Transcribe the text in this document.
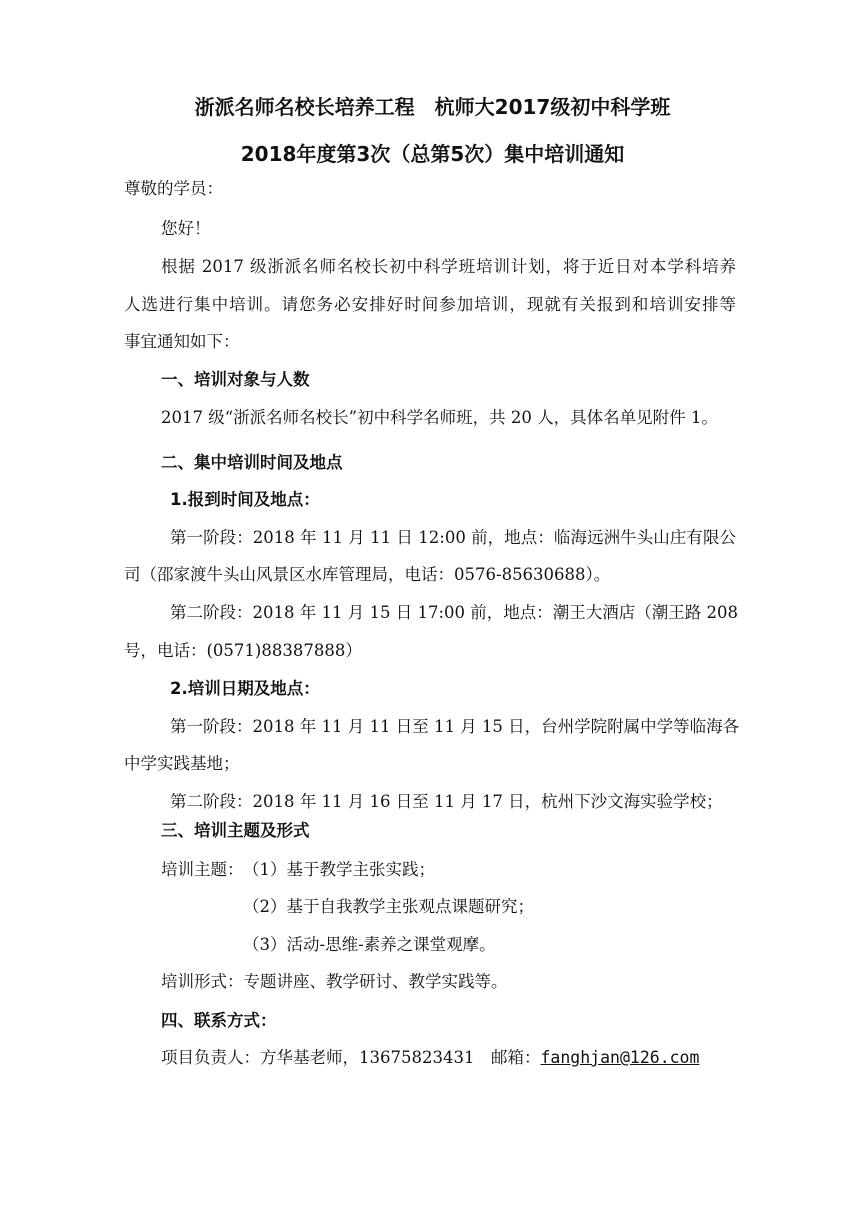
浙派名师名校长培养工程　杭师大2017级初中科学班
2018年度第3次（总第5次）集中培训通知
尊敬的学员：
您好！
根据 2017 级浙派名师名校长初中科学班培训计划，将于近日对本学科培养
人选进行集中培训。请您务必安排好时间参加培训，现就有关报到和培训安排等
事宜通知如下：
一、培训对象与人数
2017 级“浙派名师名校长”初中科学名师班，共 20 人，具体名单见附件 1。
二、集中培训时间及地点
1.报到时间及地点：
第一阶段：2018 年 11 月 11 日 12:00 前，地点：临海远洲牛头山庄有限公
司（邵家渡牛头山风景区水库管理局，电话：0576-85630688）。
第二阶段：2018 年 11 月 15 日 17:00 前，地点：潮王大酒店（潮王路 208
号，电话：(0571)88387888）
2.培训日期及地点：
第一阶段：2018 年 11 月 11 日至 11 月 15 日，台州学院附属中学等临海各
中学实践基地；
第二阶段：2018 年 11 月 16 日至 11 月 17 日，杭州下沙文海实验学校；
三、培训主题及形式
培训主题： （1）基于教学主张实践；
（2）基于自我教学主张观点课题研究；
（3）活动-思维-素养之课堂观摩。
培训形式：专题讲座、教学研讨、教学实践等。
四、联系方式：
项目负责人：方华基老师，13675823431　邮箱：fanghjan@126.com
